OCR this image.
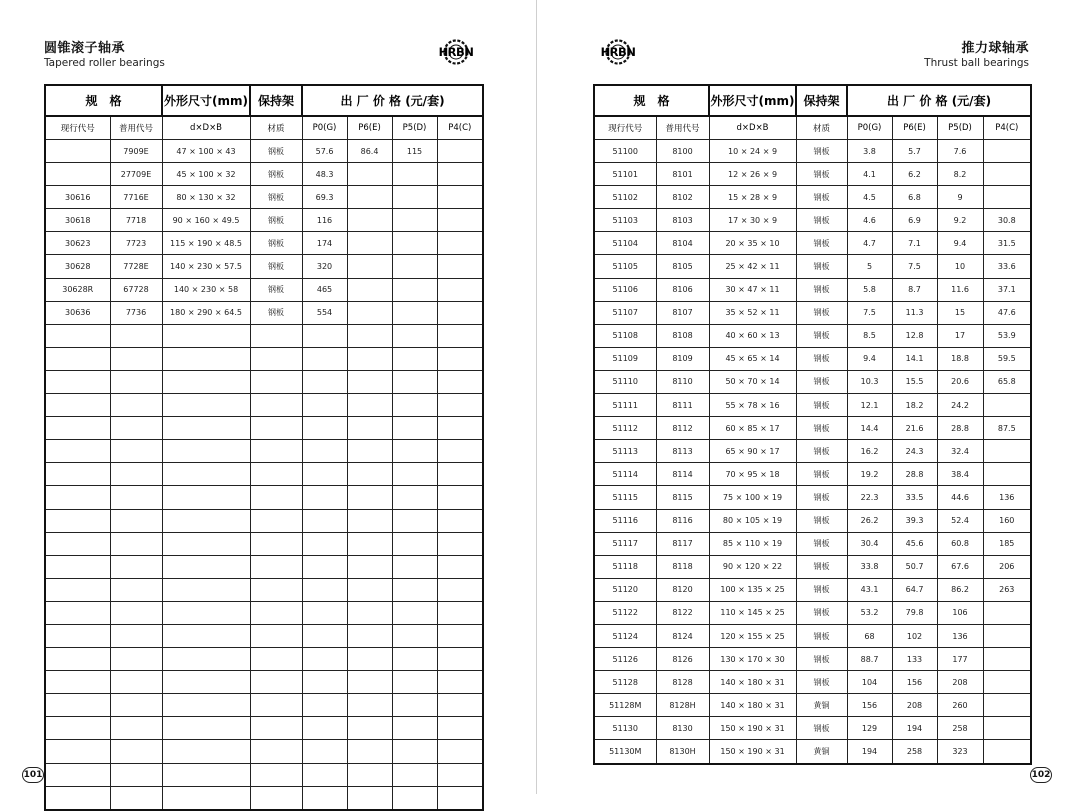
圆锥滚子轴承
Tapered roller bearings
HRBN
规　格		外形尺寸(mm)	保持架	出 厂 价 格 (元/套)			
现行代号	普用代号	d×D×B	材质	P0(G)	P6(E)	P5(D)	P4(C)
	7909E	47 × 100 × 43	钢板	57.6	86.4	115	
	27709E	45 × 100 × 32	钢板	48.3			
30616	7716E	80 × 130 × 32	钢板	69.3			
30618	7718	90 × 160 × 49.5	钢板	116			
30623	7723	115 × 190 × 48.5	钢板	174			
30628	7728E	140 × 230 × 57.5	钢板	320			
30628R	67728	140 × 230 × 58	钢板	465			
30636	7736	180 × 290 × 64.5	钢板	554			

101
HRBN	推力球轴承
Thrust ball bearings
规　格		外形尺寸(mm)	保持架	出 厂 价 格 (元/套)			
现行代号	普用代号	d×D×B	材质	P0(G)	P6(E)	P5(D)	P4(C)
51100	8100	10 × 24 × 9	钢板	3.8	5.7	7.6	
51101	8101	12 × 26 × 9	钢板	4.1	6.2	8.2	
51102	8102	15 × 28 × 9	钢板	4.5	6.8	9	
51103	8103	17 × 30 × 9	钢板	4.6	6.9	9.2	30.8
51104	8104	20 × 35 × 10	钢板	4.7	7.1	9.4	31.5
51105	8105	25 × 42 × 11	钢板	5	7.5	10	33.6
51106	8106	30 × 47 × 11	钢板	5.8	8.7	11.6	37.1
51107	8107	35 × 52 × 11	钢板	7.5	11.3	15	47.6
51108	8108	40 × 60 × 13	钢板	8.5	12.8	17	53.9
51109	8109	45 × 65 × 14	钢板	9.4	14.1	18.8	59.5
51110	8110	50 × 70 × 14	钢板	10.3	15.5	20.6	65.8
51111	8111	55 × 78 × 16	钢板	12.1	18.2	24.2	
51112	8112	60 × 85 × 17	钢板	14.4	21.6	28.8	87.5
51113	8113	65 × 90 × 17	钢板	16.2	24.3	32.4	
51114	8114	70 × 95 × 18	钢板	19.2	28.8	38.4	
51115	8115	75 × 100 × 19	钢板	22.3	33.5	44.6	136
51116	8116	80 × 105 × 19	钢板	26.2	39.3	52.4	160
51117	8117	85 × 110 × 19	钢板	30.4	45.6	60.8	185
51118	8118	90 × 120 × 22	钢板	33.8	50.7	67.6	206
51120	8120	100 × 135 × 25	钢板	43.1	64.7	86.2	263
51122	8122	110 × 145 × 25	钢板	53.2	79.8	106	
51124	8124	120 × 155 × 25	钢板	68	102	136	
51126	8126	130 × 170 × 30	钢板	88.7	133	177	
51128	8128	140 × 180 × 31	钢板	104	156	208	
51128M	8128H	140 × 180 × 31	黄铜	156	208	260	
51130	8130	150 × 190 × 31	钢板	129	194	258	
51130M	8130H	150 × 190 × 31	黄铜	194	258	323	
102
